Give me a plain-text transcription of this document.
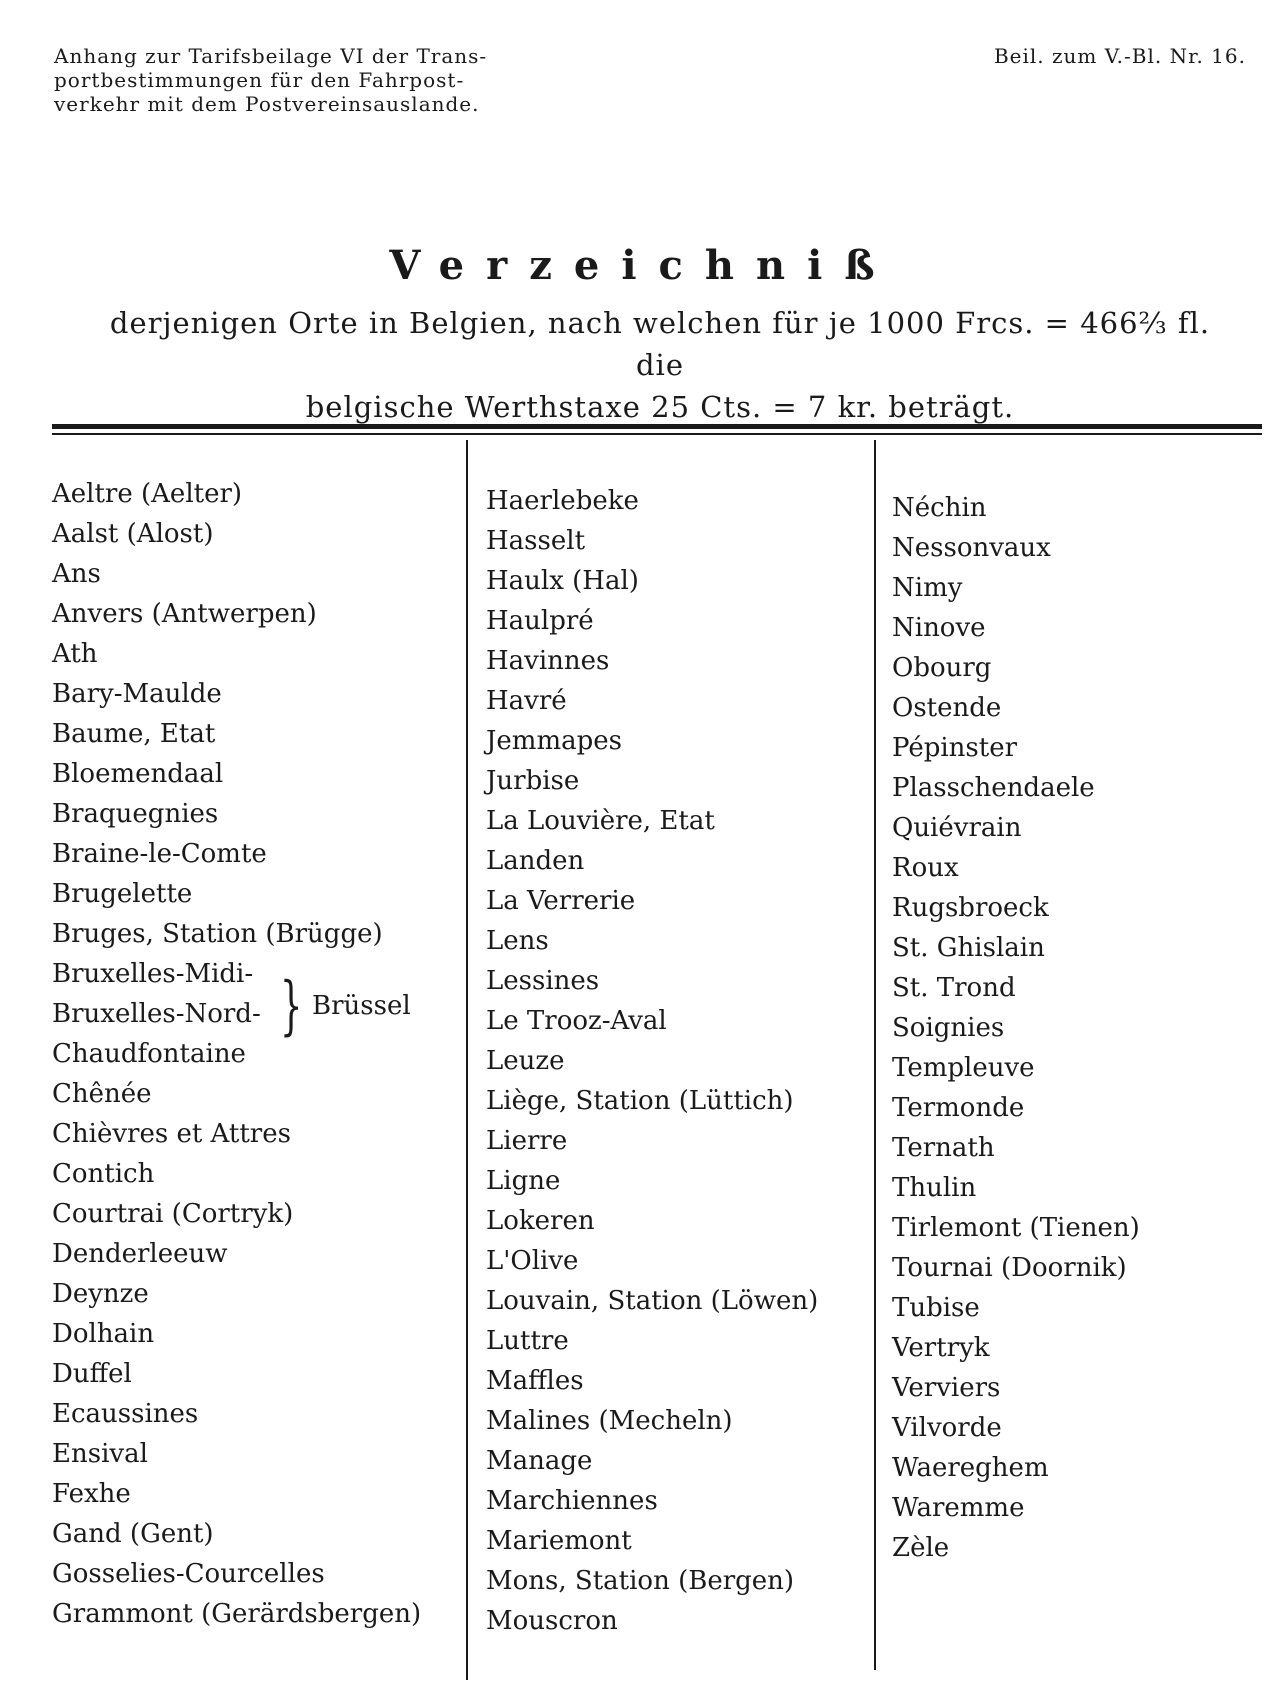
Anhang zur Tarifsbeilage VI der Trans-
portbestimmungen für den Fahrpost-
verkehr mit dem Postvereinsauslande.
Beil. zum V.-Bl. Nr. 16.
Verzeichniß
derjenigen Orte in Belgien, nach welchen für je 1000 Frcs. = 466⅔ fl. die
belgische Werthstaxe 25 Cts. = 7 kr. beträgt.
Aeltre (Aelter)
Aalst (Alost)
Ans
Anvers (Antwerpen)
Ath
Bary-Maulde
Baume, Etat
Bloemendaal
Braquegnies
Braine-le-Comte
Brugelette
Bruges, Station (Brügge)
Bruxelles-Midi-
Bruxelles-Nord-
Chaudfontaine
Chênée
Chièvres et Attres
Contich
Courtrai (Cortryk)
Denderleeuw
Deynze
Dolhain
Duffel
Ecaussines
Ensival
Fexhe
Gand (Gent)
Gosselies-Courcelles
Grammont (Gerärdsbergen)
} Brüssel
Haerlebeke
Hasselt
Haulx (Hal)
Haulpré
Havinnes
Havré
Jemmapes
Jurbise
La Louvière, Etat
Landen
La Verrerie
Lens
Lessines
Le Trooz-Aval
Leuze
Liège, Station (Lüttich)
Lierre
Ligne
Lokeren
L'Olive
Louvain, Station (Löwen)
Luttre
Maffles
Malines (Mecheln)
Manage
Marchiennes
Mariemont
Mons, Station (Bergen)
Mouscron
Néchin
Nessonvaux
Nimy
Ninove
Obourg
Ostende
Pépinster
Plasschendaele
Quiévrain
Roux
Rugsbroeck
St. Ghislain
St. Trond
Soignies
Templeuve
Termonde
Ternath
Thulin
Tirlemont (Tienen)
Tournai (Doornik)
Tubise
Vertryk
Verviers
Vilvorde
Waereghem
Waremme
Zèle
